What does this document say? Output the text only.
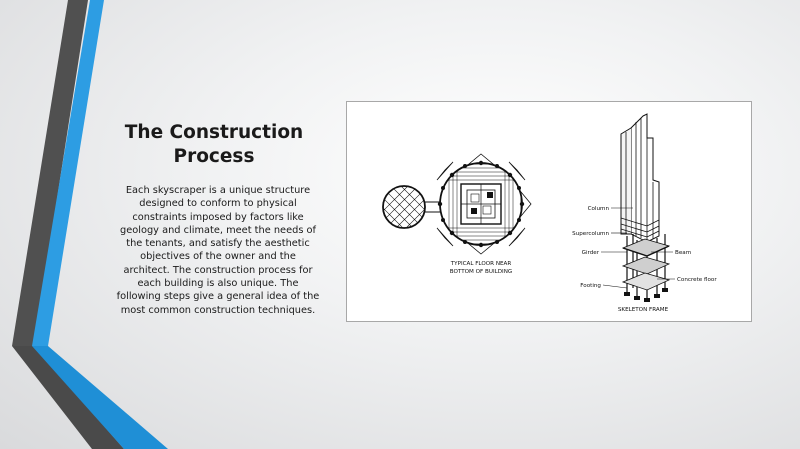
The Construction
Process
Each skyscraper is a unique structure
designed to conform to physical
constraints imposed by factors like
geology and climate, meet the needs of
the tenants, and satisfy the aesthetic
objectives of the owner and the
architect. The construction process for
each building is also unique. The
following steps give a general idea of the
most common construction techniques.
TYPICAL FLOOR NEAR
BOTTOM OF BUILDING
Column
Supercolumn
Girder	Beam
Concrete floor
Footing
SKELETON FRAME
